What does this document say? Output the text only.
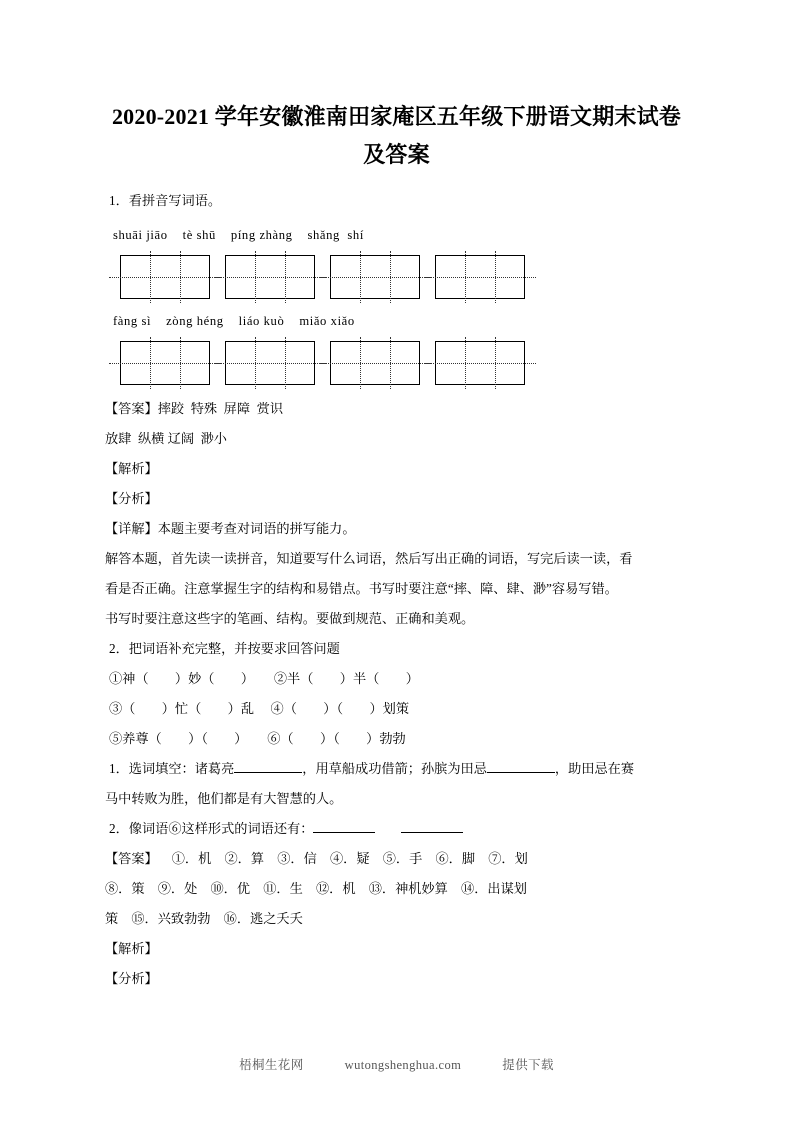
2020-2021 学年安徽淮南田家庵区五年级下册语文期末试卷
及答案

1．看拼音写词语。

shuāi jiāo    tè shū    píng zhàng    shǎng  shí
fàng sì    zòng héng    liáo kuò    miǎo xiǎo

【答案】摔跤  特殊  屏障  赏识

放肆  纵横 辽阔  渺小

【解析】

【分析】

【详解】本题主要考查对词语的拼写能力。

解答本题，首先读一读拼音，知道要写什么词语，然后写出正确的词语，写完后读一读，看

看是否正确。注意掌握生字的结构和易错点。书写时要注意“摔、障、肆、渺”容易写错。

书写时要注意这些字的笔画、结构。要做到规范、正确和美观。

2．把词语补充完整，并按要求回答问题

①神（        ）妙（        ）      ②半（        ）半（        ）

③（        ）忙（        ）乱     ④（        ）（        ）划策

⑤养尊（        ）（        ）      ⑥（        ）（        ）勃勃

1．选词填空：诸葛亮	，用草船成功借箭；孙膑为田忌	，助田忌在赛

马中转败为胜，他们都是有大智慧的人。

2．像词语⑥这样形式的词语还有：

【答案】 ①．机    ②．算    ③．信    ④．疑    ⑤．手    ⑥．脚    ⑦．划

⑧．策    ⑨．处    ⑩．优    ⑪．生    ⑫．机    ⑬．神机妙算    ⑭．出谋划

策    ⑮．兴致勃勃    ⑯．逃之夭夭

【解析】

【分析】

梧桐生花网	wutongshenghua.com	提供下载
